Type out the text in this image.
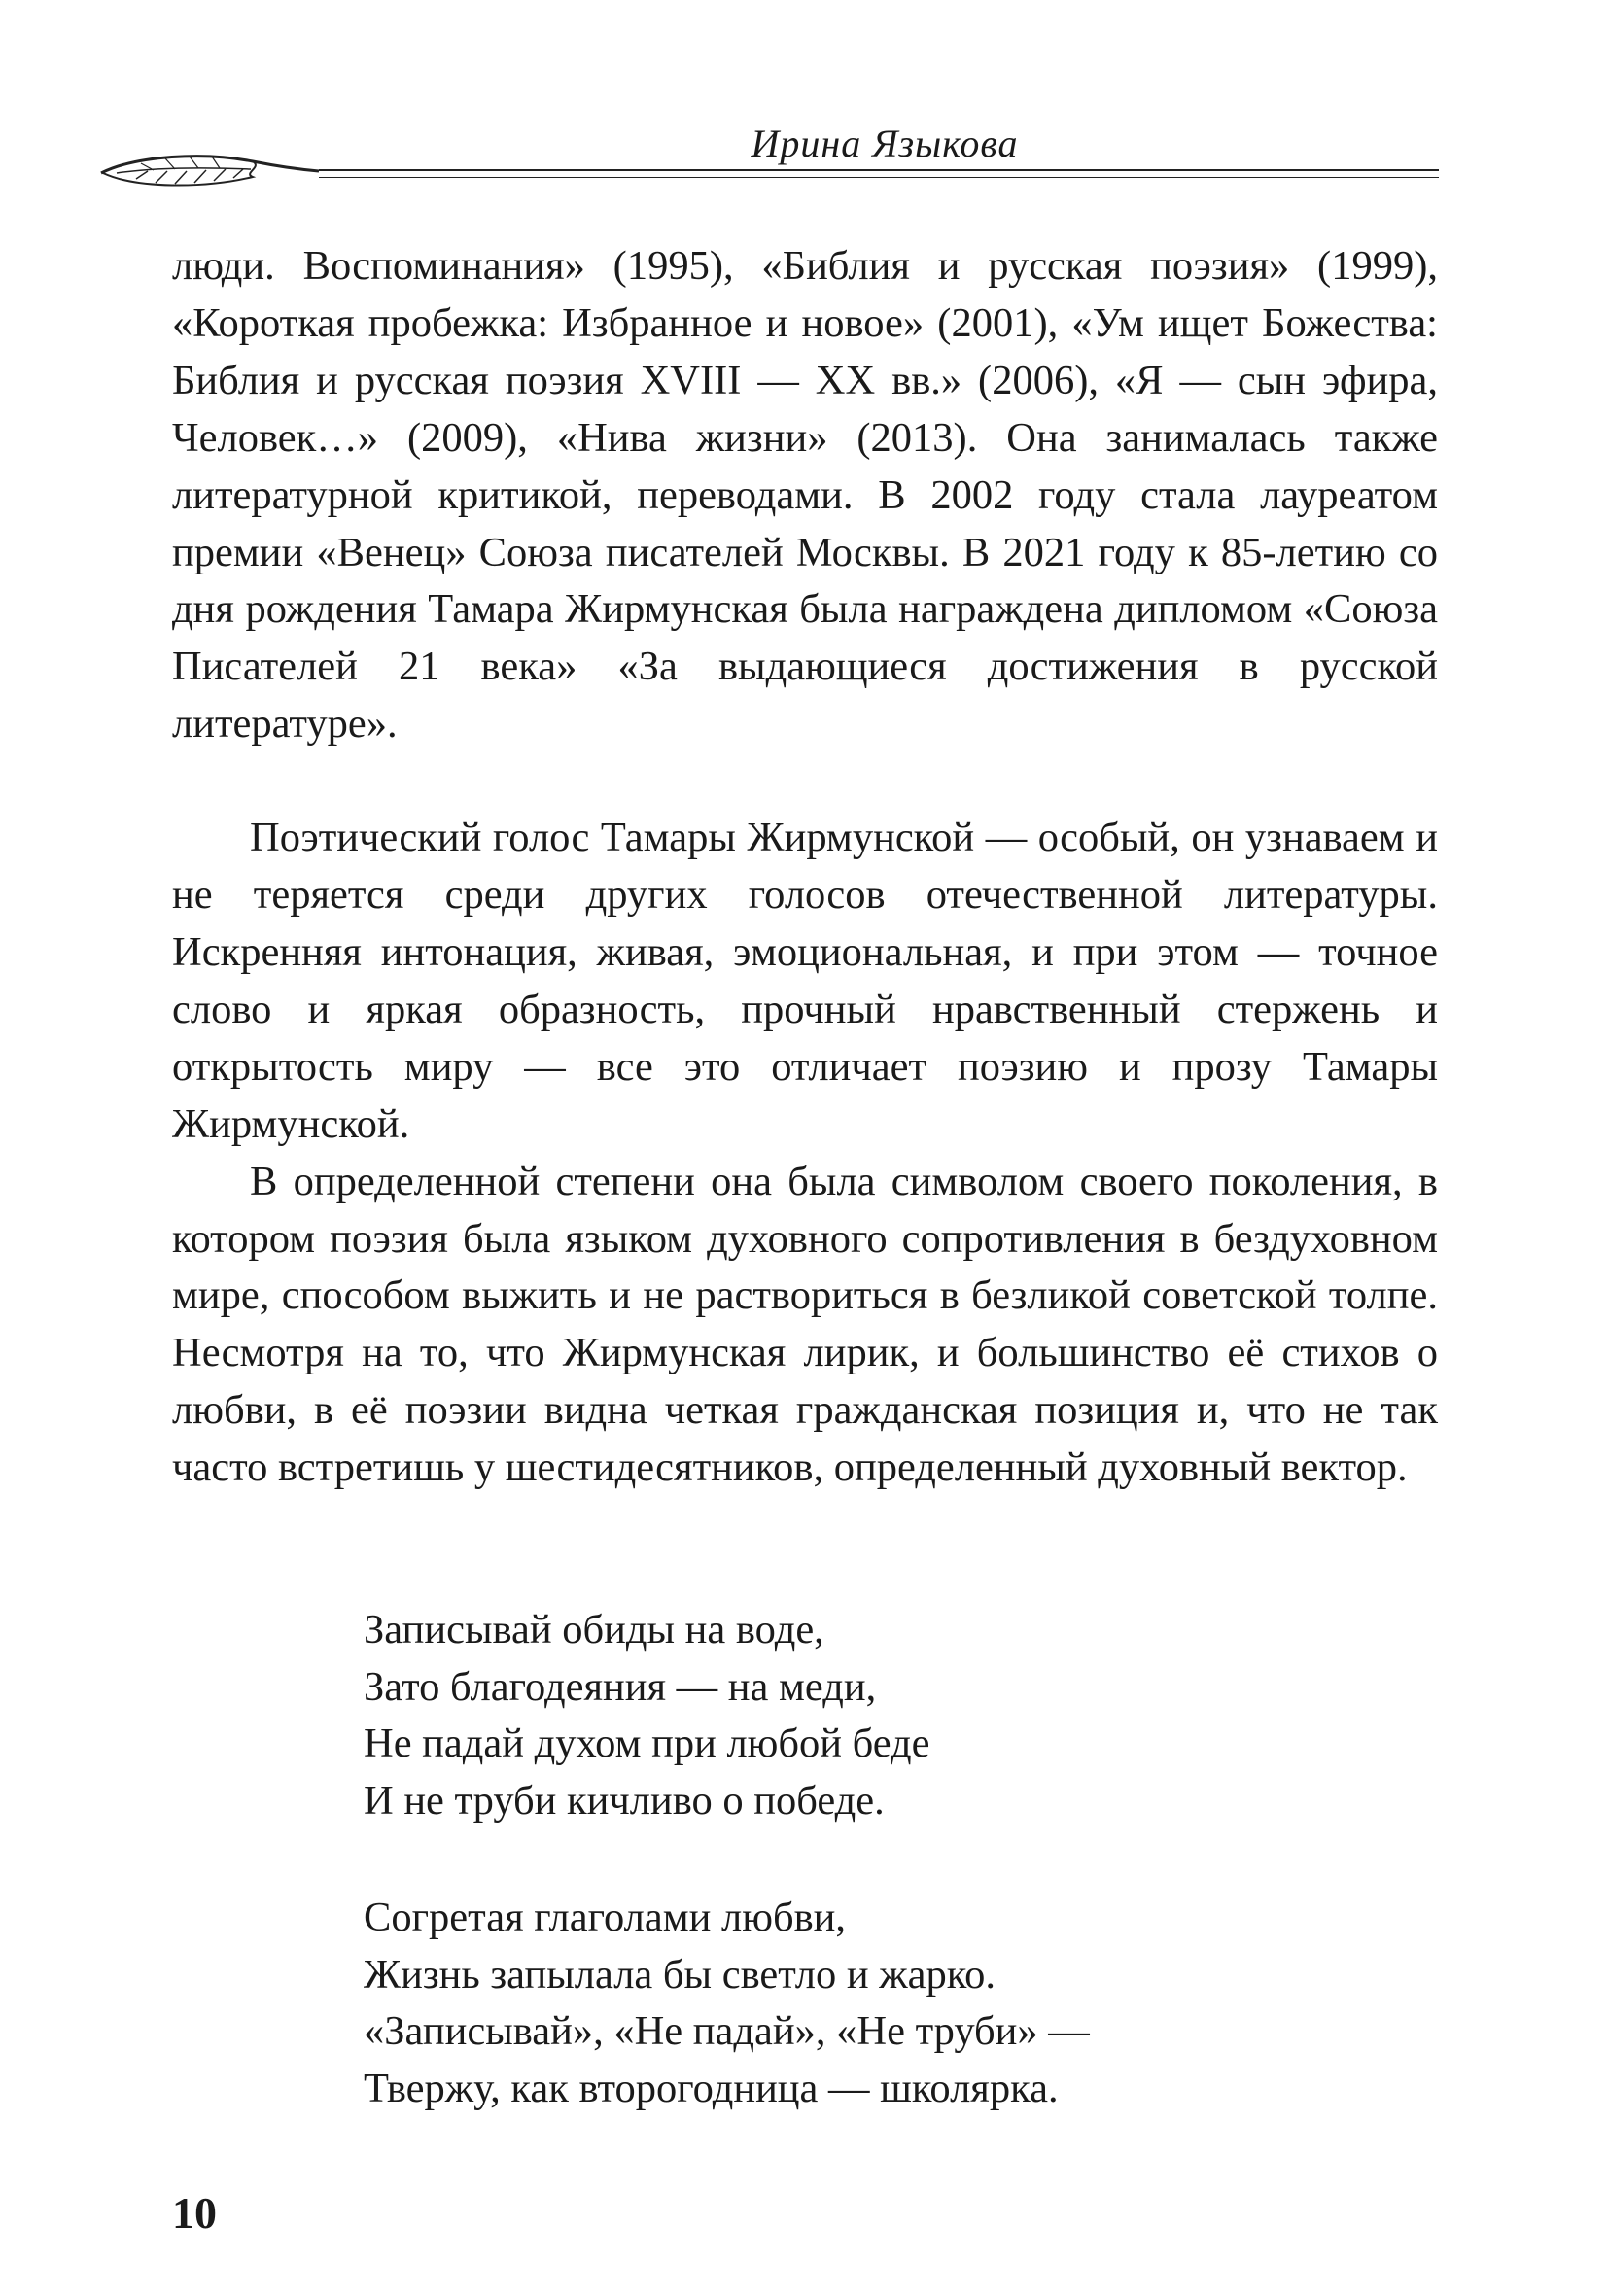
Ирина Языкова

люди. Воспоминания» (1995), «Библия и русская поэзия» (1999), «Короткая пробежка: Избранное и новое» (2001), «Ум ищет Божества: Библия и русская поэзия XVIII — XX вв.» (2006), «Я — сын эфира, Человек…» (2009), «Нива жизни» (2013). Она занималась также литературной критикой, переводами. В 2002 году стала лауреатом премии «Венец» Союза писателей Москвы. В 2021 году к 85-летию со дня рождения Тамара Жирмунская была награждена дипломом «Союза Писателей 21 века» «За выдающиеся достижения в русской литературе».

Поэтический голос Тамары Жирмунской — особый, он узнаваем и не теряется среди других голосов отечественной литературы. Искренняя интонация, живая, эмоциональная, и при этом — точное слово и яркая образность, прочный нравственный стержень и открытость миру — все это отличает поэзию и прозу Тамары Жирмунской.

В определенной степени она была символом своего поколения, в котором поэзия была языком духовного сопротивления в бездуховном мире, способом выжить и не раствориться в безликой советской толпе. Несмотря на то, что Жирмунская лирик, и большинство её стихов о любви, в её поэзии видна четкая гражданская позиция и, что не так часто встретишь у шестидесятников, определенный духовный вектор.

Записывай обиды на воде,
Зато благодеяния — на меди,
Не падай духом при любой беде
И не труби кичливо о победе.
Согретая глаголами любви,
Жизнь запылала бы светло и жарко.
«Записывай», «Не падай», «Не труби» —
Твержу, как второгодница — школярка.
10
